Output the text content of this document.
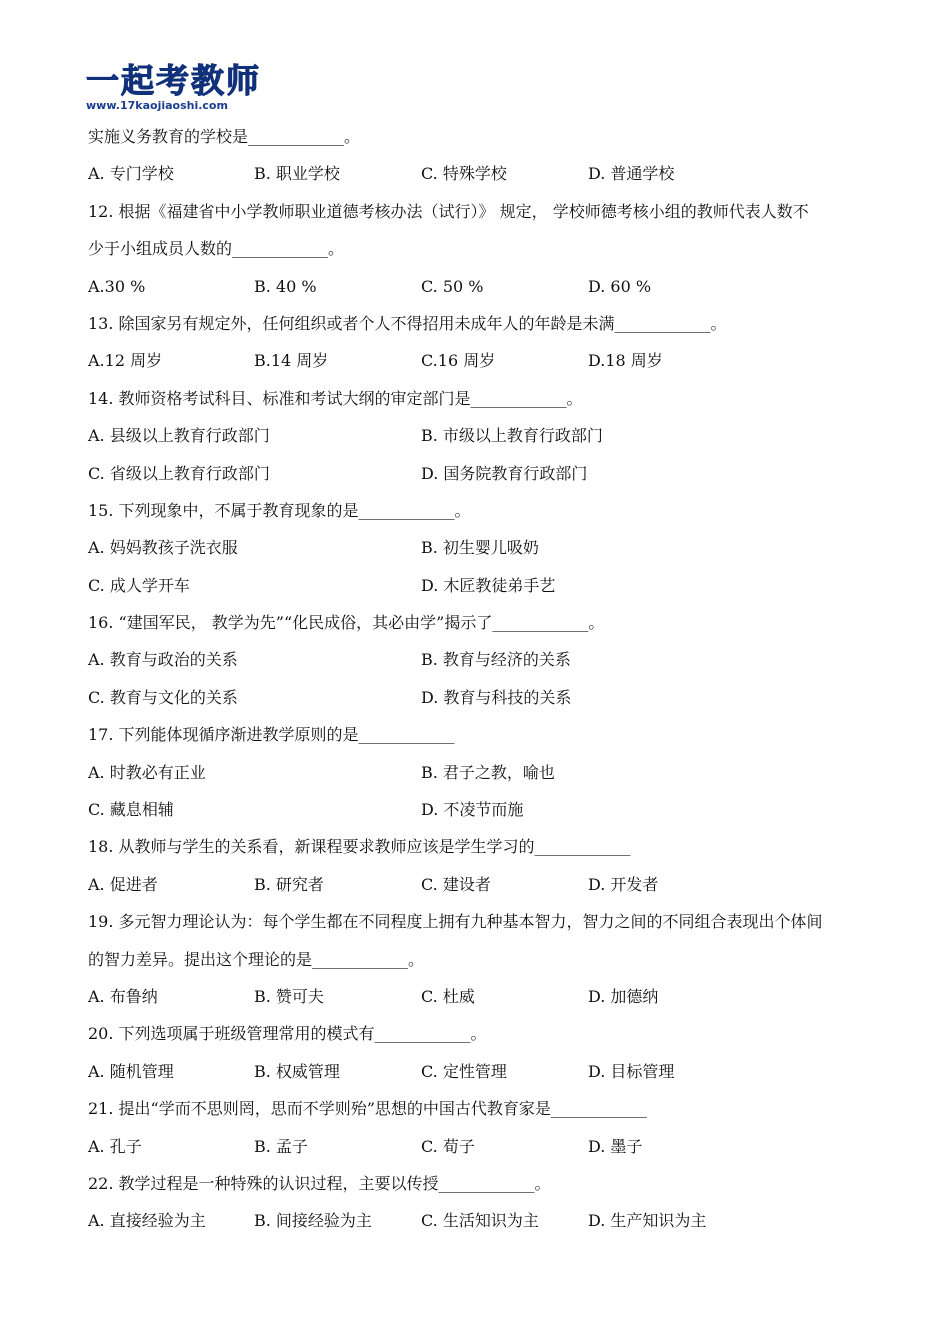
一起考教师
www.17kaojiaoshi.com
实施义务教育的学校是____________。
A. 专门学校	B. 职业学校	C. 特殊学校	D. 普通学校
12. 根据《福建省中小学教师职业道德考核办法（试行）》 规定， 学校师德考核小组的教师代表人数不
少于小组成员人数的____________。
A.30 %	B. 40 %	C. 50 %	D. 60 %
13. 除国家另有规定外，任何组织或者个人不得招用未成年人的年龄是未满____________。
A.12 周岁	B.14 周岁	C.16 周岁	D.18 周岁
14. 教师资格考试科目、标准和考试大纲的审定部门是____________。
A. 县级以上教育行政部门	B. 市级以上教育行政部门
C. 省级以上教育行政部门	D. 国务院教育行政部门
15. 下列现象中，不属于教育现象的是____________。
A. 妈妈教孩子洗衣服	B. 初生婴儿吸奶
C. 成人学开车	D. 木匠教徒弟手艺
16. “建国军民， 教学为先”“化民成俗，其必由学”揭示了____________。
A. 教育与政治的关系	B. 教育与经济的关系
C. 教育与文化的关系	D. 教育与科技的关系
17. 下列能体现循序渐进教学原则的是____________
A. 时教必有正业	B. 君子之教，喻也
C. 藏息相辅	D. 不凌节而施
18. 从教师与学生的关系看，新课程要求教师应该是学生学习的____________
A. 促进者	B. 研究者	C. 建设者	D. 开发者
19. 多元智力理论认为：每个学生都在不同程度上拥有九种基本智力，智力之间的不同组合表现出个体间
的智力差异。提出这个理论的是____________。
A. 布鲁纳	B. 赞可夫	C. 杜威	D. 加德纳
20. 下列选项属于班级管理常用的模式有____________。
A. 随机管理	B. 权威管理	C. 定性管理	D. 目标管理
21. 提出“学而不思则罔，思而不学则殆”思想的中国古代教育家是____________
A. 孔子	B. 孟子	C. 荀子	D. 墨子
22. 教学过程是一种特殊的认识过程，主要以传授____________。
A. 直接经验为主	B. 间接经验为主	C. 生活知识为主	D. 生产知识为主
